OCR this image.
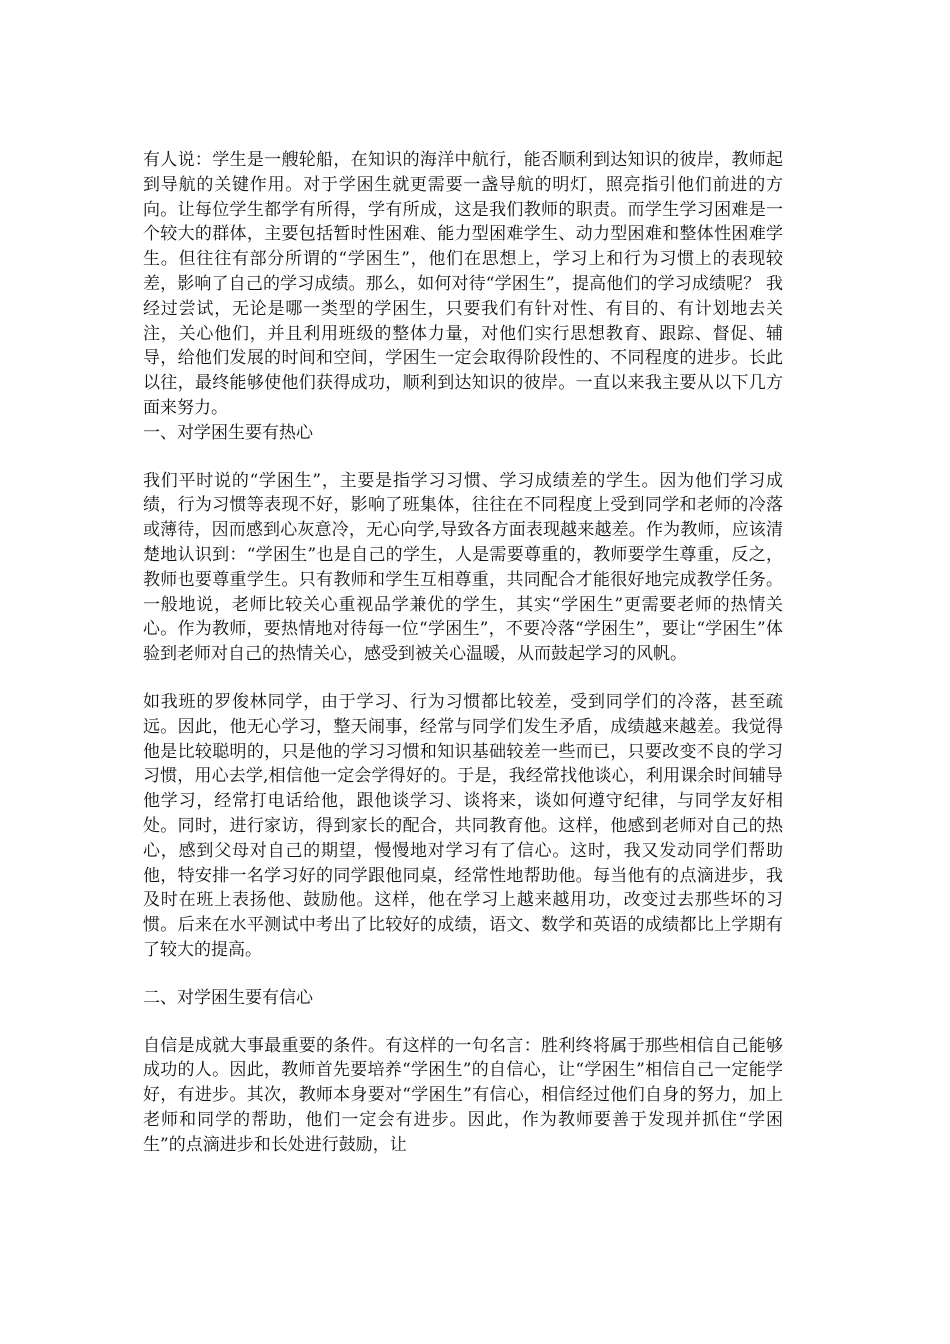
有人说：学生是一艘轮船，在知识的海洋中航行，能否顺利到达知识的彼岸，教师起到导航的关键作用。对于学困生就更需要一盏导航的明灯，照亮指引他们前进的方向。让每位学生都学有所得，学有所成，这是我们教师的职责。而学生学习困难是一个较大的群体，主要包括暂时性困难、能力型困难学生、动力型困难和整体性困难学生。但往往有部分所谓的“学困生”，他们在思想上，学习上和行为习惯上的表现较差，影响了自己的学习成绩。那么，如何对待“学困生”，提高他们的学习成绩呢？ 我经过尝试，无论是哪一类型的学困生，只要我们有针对性、有目的、有计划地去关注，关心他们，并且利用班级的整体力量，对他们实行思想教育、跟踪、督促、辅导，给他们发展的时间和空间，学困生一定会取得阶段性的、不同程度的进步。长此以往，最终能够使他们获得成功，顺利到达知识的彼岸。一直以来我主要从以下几方面来努力。

一、对学困生要有热心

我们平时说的“学困生”，主要是指学习习惯、学习成绩差的学生。因为他们学习成绩，行为习惯等表现不好，影响了班集体，往往在不同程度上受到同学和老师的冷落或薄待，因而感到心灰意冷，无心向学,导致各方面表现越来越差。作为教师，应该清楚地认识到：“学困生”也是自己的学生，人是需要尊重的，教师要学生尊重，反之，教师也要尊重学生。只有教师和学生互相尊重，共同配合才能很好地完成教学任务。一般地说，老师比较关心重视品学兼优的学生，其实“学困生”更需要老师的热情关心。作为教师，要热情地对待每一位“学困生”，不要冷落“学困生”，要让“学困生”体验到老师对自己的热情关心，感受到被关心温暖，从而鼓起学习的风帆。

如我班的罗俊林同学，由于学习、行为习惯都比较差，受到同学们的冷落，甚至疏远。因此，他无心学习，整天闹事，经常与同学们发生矛盾，成绩越来越差。我觉得他是比较聪明的，只是他的学习习惯和知识基础较差一些而已，只要改变不良的学习习惯，用心去学,相信他一定会学得好的。于是，我经常找他谈心，利用课余时间辅导他学习，经常打电话给他，跟他谈学习、谈将来，谈如何遵守纪律，与同学友好相处。同时，进行家访，得到家长的配合，共同教育他。这样，他感到老师对自己的热心，感到父母对自己的期望，慢慢地对学习有了信心。这时，我又发动同学们帮助他，特安排一名学习好的同学跟他同桌，经常性地帮助他。每当他有的点滴进步，我及时在班上表扬他、鼓励他。这样，他在学习上越来越用功，改变过去那些坏的习惯。后来在水平测试中考出了比较好的成绩，语文、数学和英语的成绩都比上学期有了较大的提高。

二、对学困生要有信心

自信是成就大事最重要的条件。有这样的一句名言：胜利终将属于那些相信自己能够成功的人。因此，教师首先要培养“学困生”的自信心，让“学困生”相信自己一定能学好，有进步。其次，教师本身要对“学困生”有信心，相信经过他们自身的努力，加上老师和同学的帮助，他们一定会有进步。因此，作为教师要善于发现并抓住“学困生”的点滴进步和长处进行鼓励，让
